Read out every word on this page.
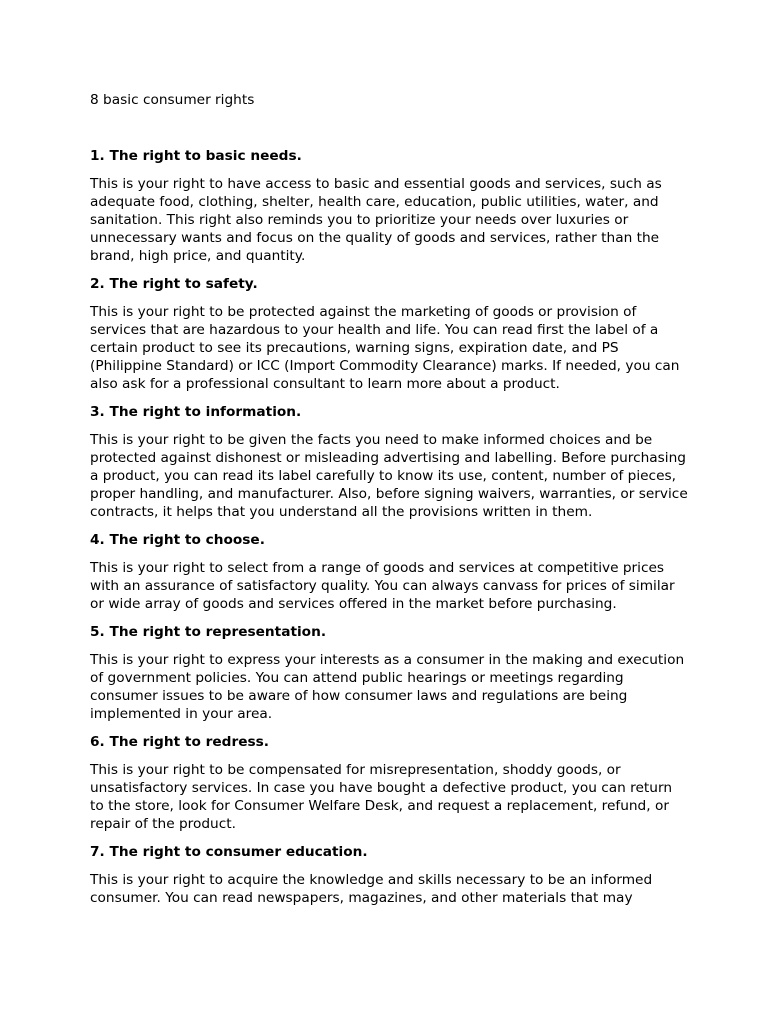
8 basic consumer rights

1. The right to basic needs.

This is your right to have access to basic and essential goods and services, such as adequate food, clothing, shelter, health care, education, public utilities, water, and sanitation. This right also reminds you to prioritize your needs over luxuries or unnecessary wants and focus on the quality of goods and services, rather than the brand, high price, and quantity.

2. The right to safety.

This is your right to be protected against the marketing of goods or provision of services that are hazardous to your health and life. You can read first the label of a certain product to see its precautions, warning signs, expiration date, and PS (Philippine Standard) or ICC (Import Commodity Clearance) marks. If needed, you can also ask for a professional consultant to learn more about a product.

3. The right to information.

This is your right to be given the facts you need to make informed choices and be protected against dishonest or misleading advertising and labelling. Before purchasing a product, you can read its label carefully to know its use, content, number of pieces, proper handling, and manufacturer. Also, before signing waivers, warranties, or service contracts, it helps that you understand all the provisions written in them.

4. The right to choose.

This is your right to select from a range of goods and services at competitive prices with an assurance of satisfactory quality. You can always canvass for prices of similar or wide array of goods and services offered in the market before purchasing.

5. The right to representation.

This is your right to express your interests as a consumer in the making and execution of government policies. You can attend public hearings or meetings regarding consumer issues to be aware of how consumer laws and regulations are being implemented in your area.

6. The right to redress.

This is your right to be compensated for misrepresentation, shoddy goods, or unsatisfactory services. In case you have bought a defective product, you can return to the store, look for Consumer Welfare Desk, and request a replacement, refund, or repair of the product.

7. The right to consumer education.

This is your right to acquire the knowledge and skills necessary to be an informed consumer. You can read newspapers, magazines, and other materials that may
